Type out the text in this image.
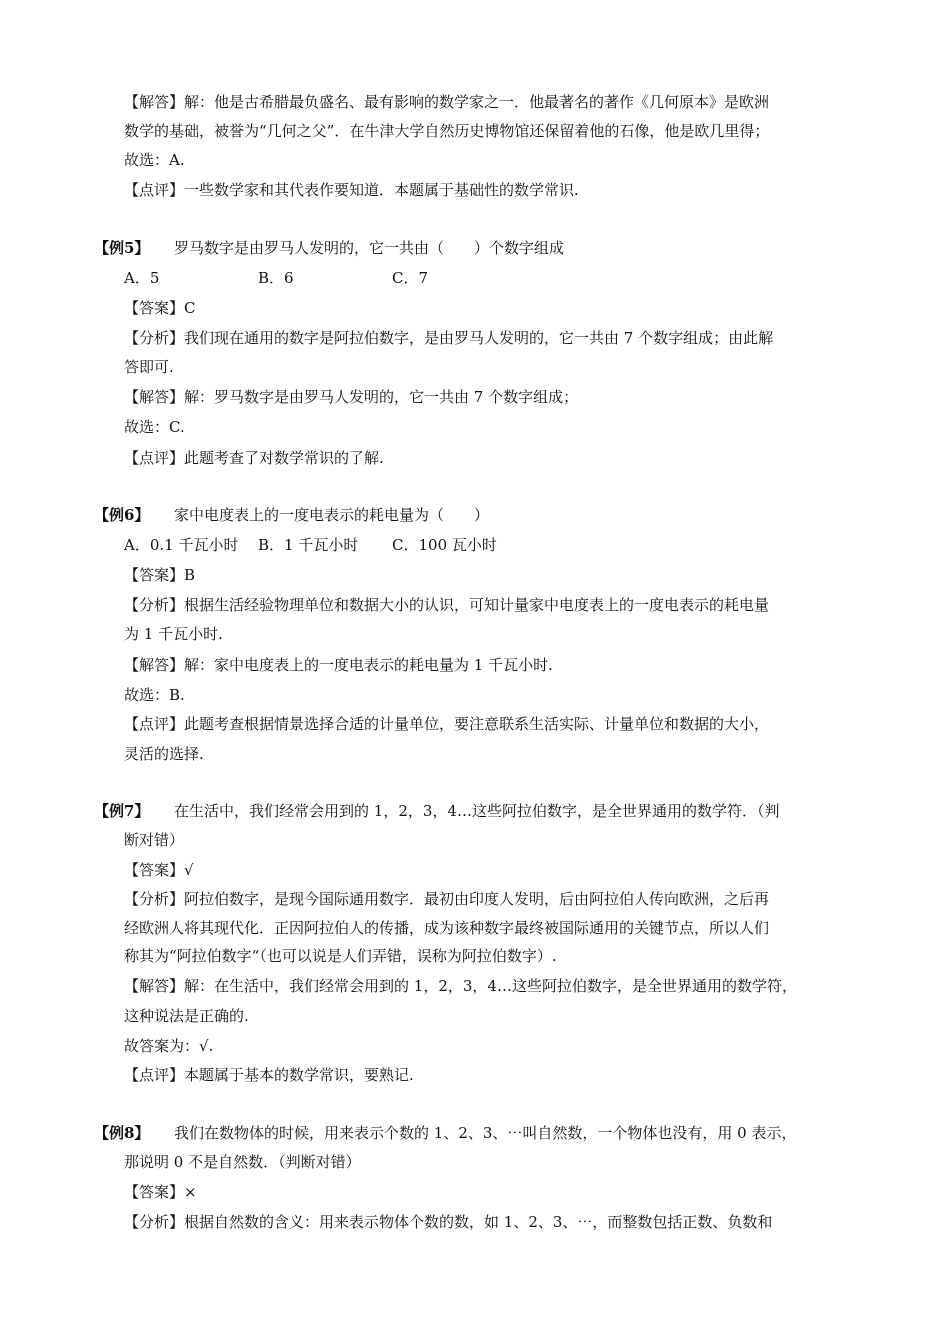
【解答】解：他是古希腊最负盛名、最有影响的数学家之一．他最著名的著作《几何原本》是欧洲
数学的基础，被誉为“几何之父”．在牛津大学自然历史博物馆还保留着他的石像，他是欧几里得；
故选：A.
【点评】一些数学家和其代表作要知道．本题属于基础性的数学常识.
【例5】 罗马数字是由罗马人发明的，它一共由（　　）个数字组成
A．5	B．6	C．7
【答案】C
【分析】我们现在通用的数字是阿拉伯数字，是由罗马人发明的，它一共由 7 个数字组成；由此解
答即可.
【解答】解：罗马数字是由罗马人发明的，它一共由 7 个数字组成；
故选：C.
【点评】此题考查了对数学常识的了解.
【例6】 家中电度表上的一度电表示的耗电量为（　　）
A．0.1 千瓦小时 B．1 千瓦小时 C．100 瓦小时
【答案】B
【分析】根据生活经验物理单位和数据大小的认识，可知计量家中电度表上的一度电表示的耗电量
为 1 千瓦小时.
【解答】解：家中电度表上的一度电表示的耗电量为 1 千瓦小时.
故选：B.
【点评】此题考查根据情景选择合适的计量单位，要注意联系生活实际、计量单位和数据的大小，
灵活的选择.
【例7】 在生活中，我们经常会用到的 1，2，3，4…这些阿拉伯数字，是全世界通用的数学符．（判
断对错）
【答案】√
【分析】阿拉伯数字，是现今国际通用数字．最初由印度人发明，后由阿拉伯人传向欧洲，之后再
经欧洲人将其现代化．正因阿拉伯人的传播，成为该种数字最终被国际通用的关键节点，所以人们
称其为“阿拉伯数字“（也可以说是人们弄错，误称为阿拉伯数字）.
【解答】解：在生活中，我们经常会用到的 1，2，3，4…这些阿拉伯数字，是全世界通用的数学符，
这种说法是正确的.
故答案为：√.
【点评】本题属于基本的数学常识，要熟记.
【例8】 我们在数物体的时候，用来表示个数的 1、2、3、⋯叫自然数，一个物体也没有，用 0 表示，
那说明 0 不是自然数．（判断对错）
【答案】×
【分析】根据自然数的含义：用来表示物体个数的数，如 1、2、3、⋯，而整数包括正数、负数和
